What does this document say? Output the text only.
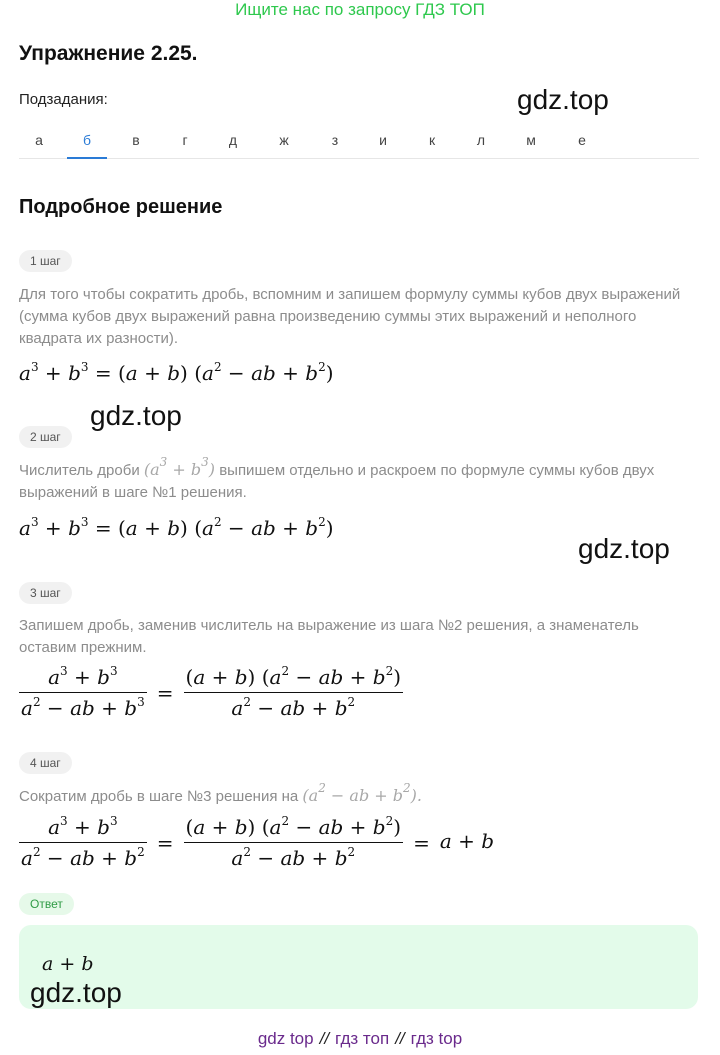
Ищите нас по запросу ГДЗ ТОП
Упражнение 2.25.
Подзадания:
а	б	в	г	д	ж	з	и	к	л	м	е
Подробное решение
1 шаг
Для того чтобы сократить дробь, вспомним и запишем формулу суммы кубов двух выражений (сумма кубов двух выражений равна произведению суммы этих выражений и неполного квадрата их разности).
$a^3 + b^3 = (a + b) (a^2$ − ab + $b^2$)
2 шаг
Числитель дроби $(a^3 + b^3)$ выпишем отдельно и раскроем по формуле суммы кубов двух выражений в шаге №1 решения.
$a^3 + b^3 = (a + b) (a^2$ − ab + $b^2$)
3 шаг
Запишем дробь, заменив числитель на выражение из шага №2 решения, а знаменатель оставим прежним.
$\frac{a^3 + b^3}{a^2 - ab + b^3} = \frac{(a + b) (a^2 - ab + b^2)}{a^2 - ab + b^2}$
4 шаг
Сократим дробь в шаге №3 решения на ($a^2$ − ab + $b^2$).
$\frac{a^3 + b^3}{a^2 - ab + b^2} = \frac{(a + b) (a^2 - ab + b^2)}{a^2 - ab + b^2} = a + b$
Ответ
a + b
gdz.top
gdz.top
gdz.top
gdz.top
gdz top // гдз топ // гдз top
